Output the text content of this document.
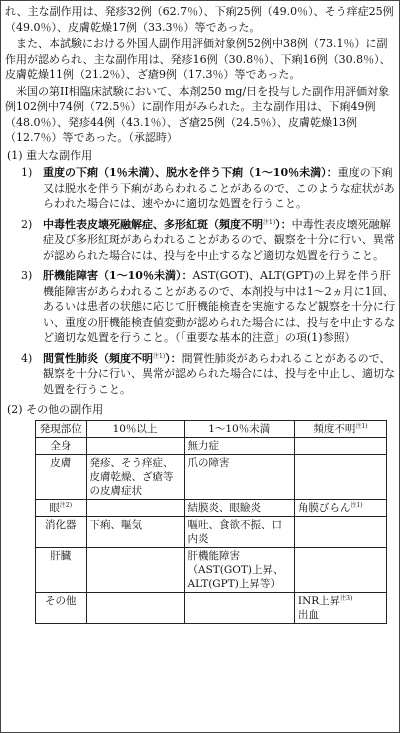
れ、主な副作用は、発疹32例（62.7％）、下痢25例（49.0％）、そう痒症25例（49.0％）、皮膚乾燥17例（33.3％）等であった。

また、本試験における外国人副作用評価対象例52例中38例（73.1％）に副作用が認められ、主な副作用は、発疹16例（30.8％）、下痢16例（30.8％）、皮膚乾燥11例（21.2％）、ざ瘡9例（17.3％）等であった。

米国の第II相臨床試験において、本剤250 mg/日を投与した副作用評価対象例102例中74例（72.5％）に副作用がみられた。主な副作用は、下痢49例（48.0％）、発疹44例（43.1％）、ざ瘡25例（24.5％）、皮膚乾燥13例（12.7％）等であった。（承認時）

(1) 重大な副作用

1) 重度の下痢（1％未満）、脱水を伴う下痢（1～10％未満）：重度の下痢又は脱水を伴う下痢があらわれることがあるので、このような症状があらわれた場合には、速やかに適切な処置を行うこと。
2) 中毒性表皮壊死融解症、多形紅斑（頻度不明$^{注1)}$）：中毒性表皮壊死融解症及び多形紅斑があらわれることがあるので、観察を十分に行い、異常が認められた場合には、投与を中止するなど適切な処置を行うこと。
3) 肝機能障害（1～10％未満）：AST(GOT)、ALT(GPT)の上昇を伴う肝機能障害があらわれることがあるので、本剤投与中は1～2ヵ月に1回、あるいは患者の状態に応じて肝機能検査を実施するなど観察を十分に行い、重度の肝機能検査値変動が認められた場合には、投与を中止するなど適切な処置を行うこと。（「重要な基本的注意」の項(1)参照）
4) 間質性肺炎（頻度不明$^{注1)}$）：間質性肺炎があらわれることがあるので、観察を十分に行い、異常が認められた場合には、投与を中止し、適切な処置を行うこと。

(2) その他の副作用

発現部位	10％以上	1～10％未満	頻度不明$^{注1)}$
全身		無力症	
皮膚	発疹、そう痒症、皮膚乾燥、ざ瘡等の皮膚症状	爪の障害	
眼$^{注2)}$		結膜炎、眼瞼炎	角膜びらん$^{注1)}$
消化器	下痢、嘔気	嘔吐、食欲不振、口内炎	
肝臓		肝機能障害（AST(GOT)上昇、ALT(GPT)上昇等）	
その他			INR上昇$^{注3)}$
出血
